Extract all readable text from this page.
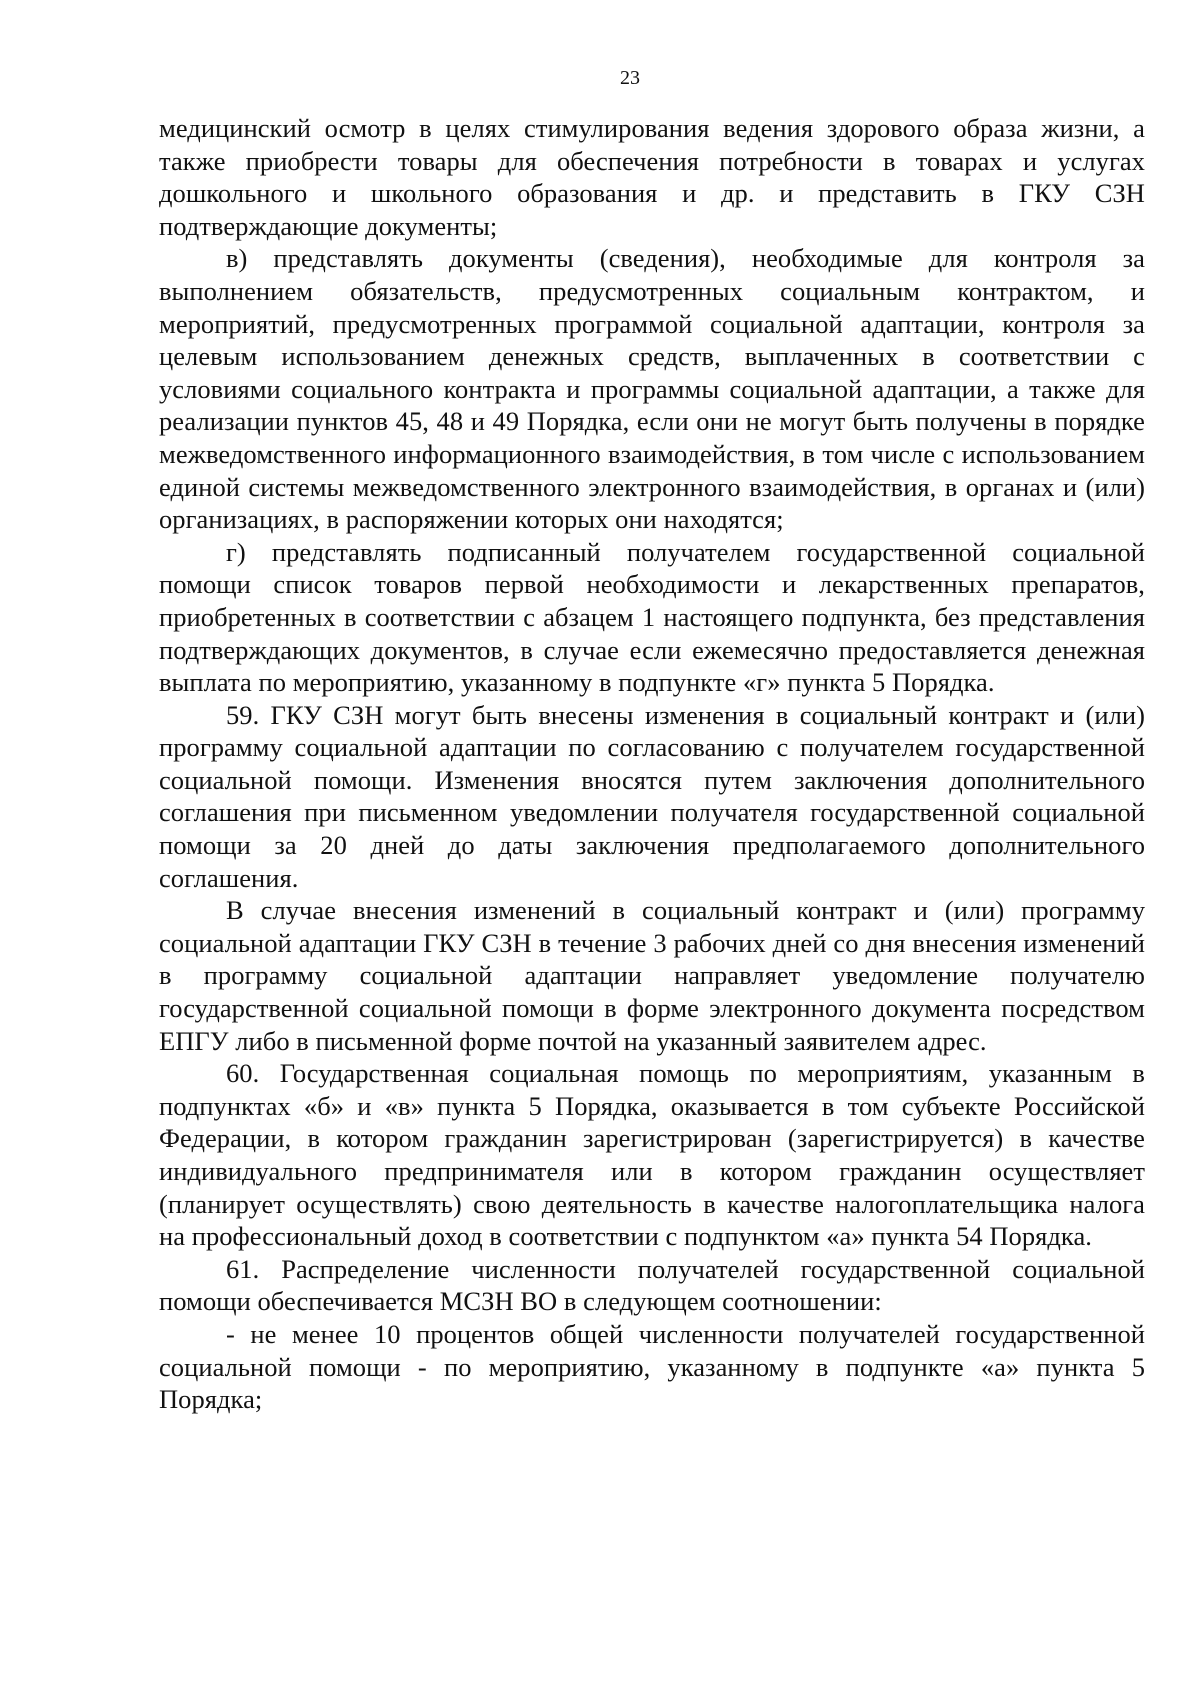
23

медицинский осмотр в целях стимулирования ведения здорового образа жизни, а также приобрести товары для обеспечения потребности в товарах и услугах дошкольного и школьного образования и др. и представить в ГКУ СЗН подтверждающие документы;

в) представлять документы (сведения), необходимые для контроля за выполнением обязательств, предусмотренных социальным контрактом, и мероприятий, предусмотренных программой социальной адаптации, контроля за целевым использованием денежных средств, выплаченных в соответствии с условиями социального контракта и программы социальной адаптации, а также для реализации пунктов 45, 48 и 49 Порядка, если они не могут быть получены в порядке межведомственного информационного взаимодействия, в том числе с использованием единой системы межведомственного электронного взаимодействия, в органах и (или) организациях, в распоряжении которых они находятся;

г) представлять подписанный получателем государственной социальной помощи список товаров первой необходимости и лекарственных препаратов, приобретенных в соответствии с абзацем 1 настоящего подпункта, без представления подтверждающих документов, в случае если ежемесячно предоставляется денежная выплата по мероприятию, указанному в подпункте «г» пункта 5 Порядка.

59. ГКУ СЗН могут быть внесены изменения в социальный контракт и (или) программу социальной адаптации по согласованию с получателем государственной социальной помощи. Изменения вносятся путем заключения дополнительного соглашения при письменном уведомлении получателя государственной социальной помощи за 20 дней до даты заключения предполагаемого дополнительного соглашения.

В случае внесения изменений в социальный контракт и (или) программу социальной адаптации ГКУ СЗН в течение 3 рабочих дней со дня внесения изменений в программу социальной адаптации направляет уведомление получателю государственной социальной помощи в форме электронного документа посредством ЕПГУ либо в письменной форме почтой на указанный заявителем адрес.

60. Государственная социальная помощь по мероприятиям, указанным в подпунктах «б» и «в» пункта 5 Порядка, оказывается в том субъекте Российской Федерации, в котором гражданин зарегистрирован (зарегистрируется) в качестве индивидуального предпринимателя или в котором гражданин осуществляет (планирует осуществлять) свою деятельность в качестве налогоплательщика налога на профессиональный доход в соответствии с подпунктом «а» пункта 54 Порядка.

61. Распределение численности получателей государственной социальной помощи обеспечивается МСЗН ВО в следующем соотношении:

- не менее 10 процентов общей численности получателей государственной социальной помощи - по мероприятию, указанному в подпункте «а» пункта 5 Порядка;
